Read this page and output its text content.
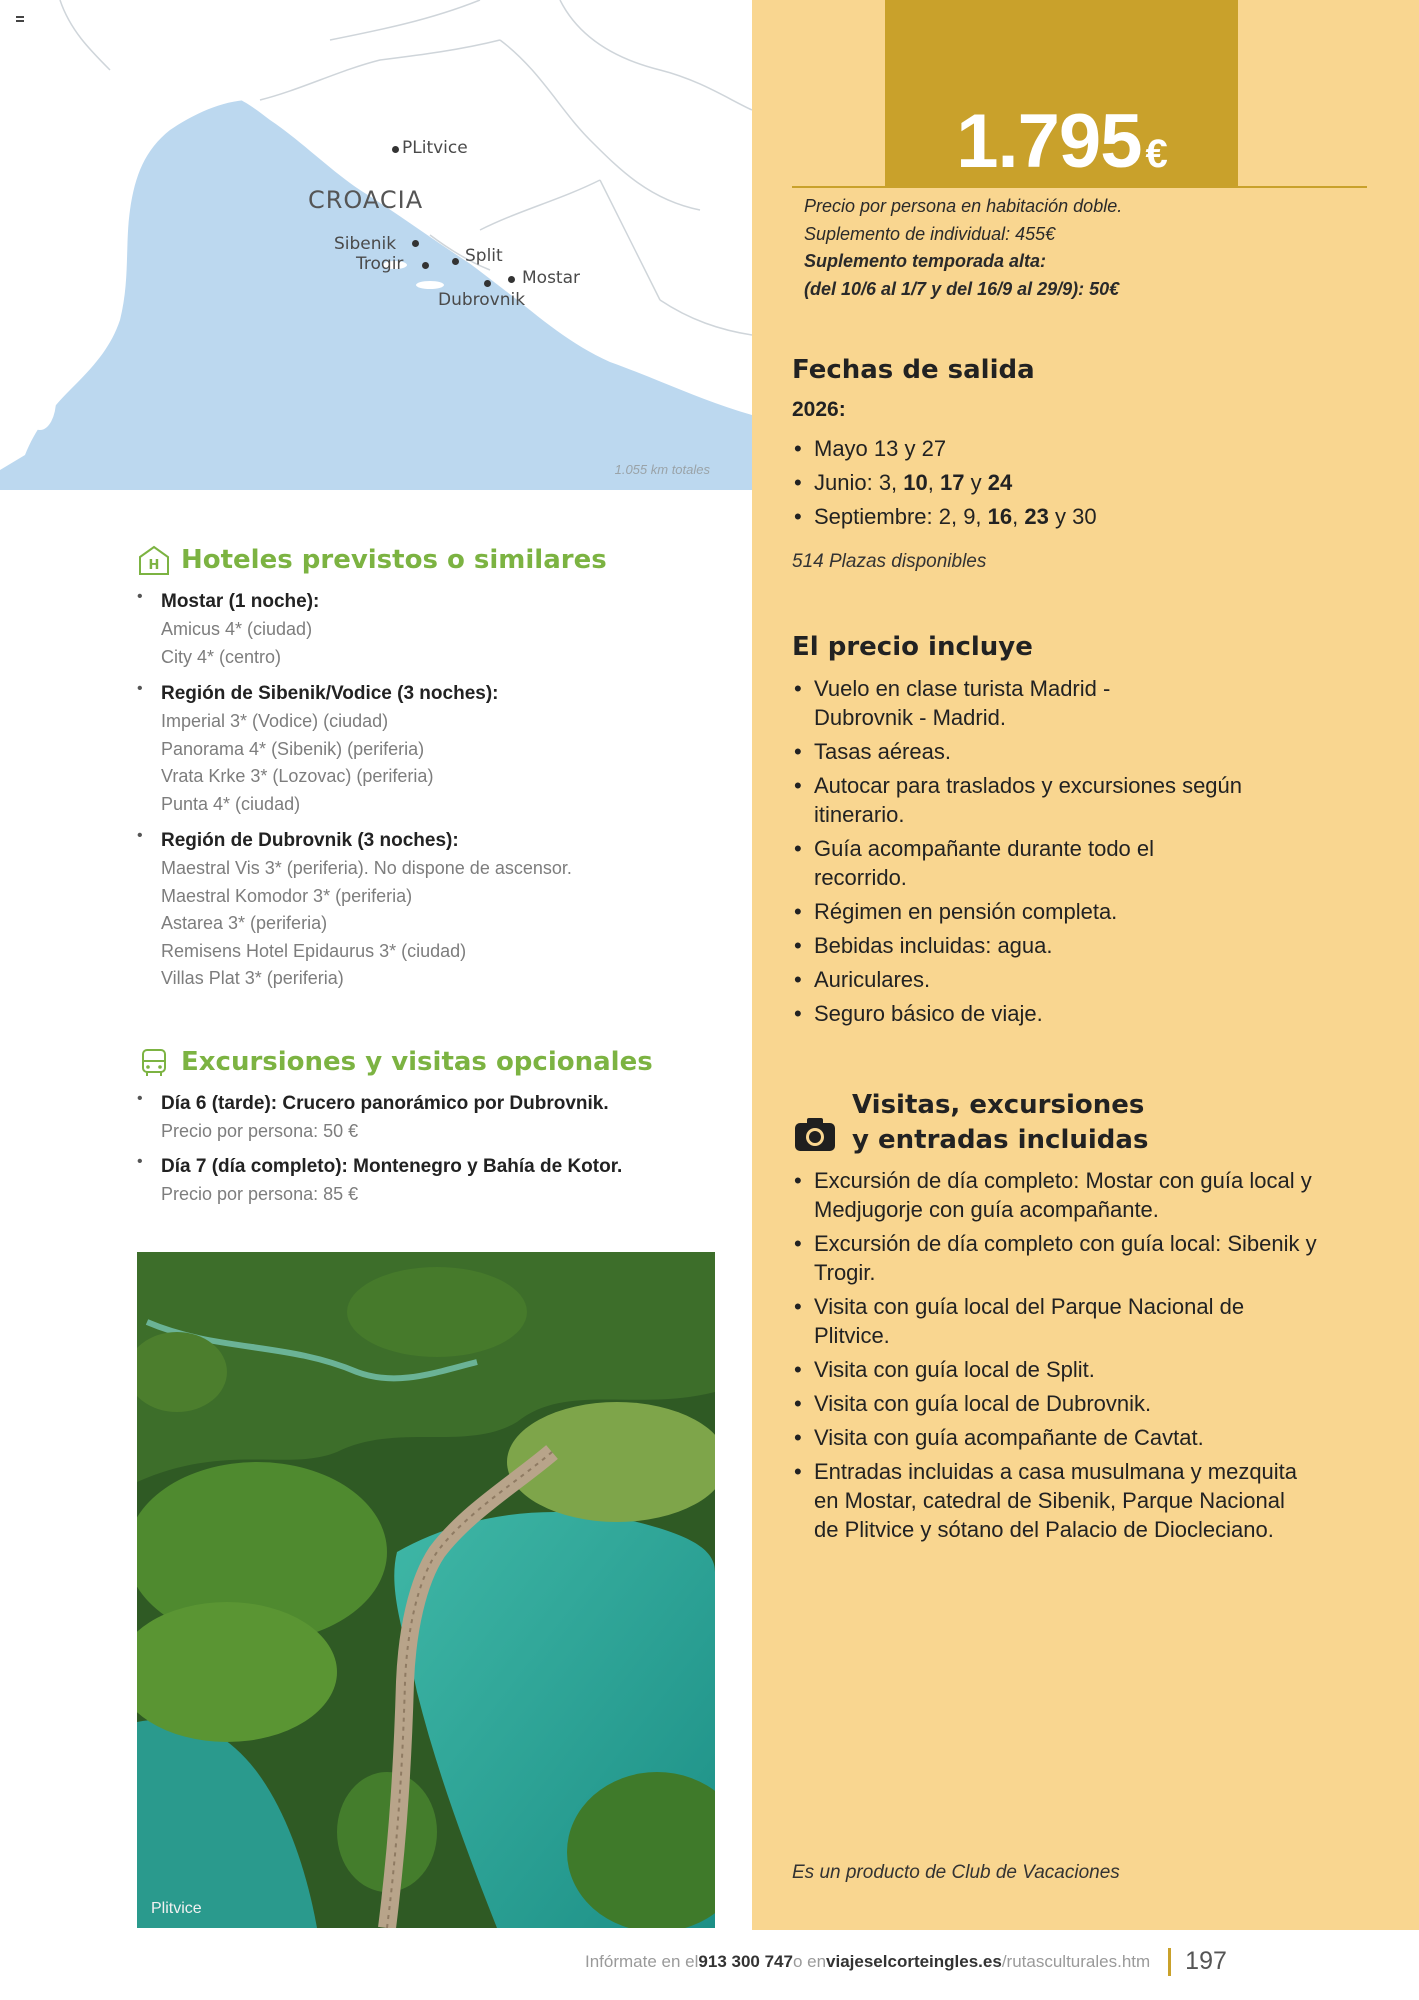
PLitvice
CROACIA
Sibenik
Trogir	Split
Mostar
Dubrovnik
1.055 km totales
H Hoteles previstos o similares
• Mostar (1 noche):
Amicus 4* (ciudad)
City 4* (centro)
• Región de Sibenik/Vodice (3 noches):
Imperial 3* (Vodice) (ciudad)
Panorama 4* (Sibenik) (periferia)
Vrata Krke 3* (Lozovac) (periferia)
Punta 4* (ciudad)
• Región de Dubrovnik (3 noches):
Maestral Vis 3* (periferia). No dispone de ascensor.
Maestral Komodor 3* (periferia)
Astarea 3* (periferia)
Remisens Hotel Epidaurus 3* (ciudad)
Villas Plat 3* (periferia)
Excursiones y visitas opcionales
• Día 6 (tarde): Crucero panorámico por Dubrovnik.
Precio por persona: 50 €
• Día 7 (día completo): Montenegro y Bahía de Kotor.
Precio por persona: 85 €
Plitvice
1.795 €
Precio por persona en habitación doble.
Suplemento de individual: 455€
Suplemento temporada alta:
(del 10/6 al 1/7 y del 16/9 al 29/9): 50€
Fechas de salida
2026:
• Mayo 13 y 27
• Junio: 3, 10, 17 y 24
• Septiembre: 2, 9, 16, 23 y 30
514 Plazas disponibles
El precio incluye
• Vuelo en clase turista Madrid - Dubrovnik - Madrid.
• Tasas aéreas.
• Autocar para traslados y excursiones según itinerario.
• Guía acompañante durante todo el recorrido.
• Régimen en pensión completa.
• Bebidas incluidas: agua.
• Auriculares.
• Seguro básico de viaje.
Visitas, excursiones
y entradas incluidas
• Excursión de día completo: Mostar con guía local y Medjugorje con guía acompañante.
• Excursión de día completo con guía local: Sibenik y Trogir.
• Visita con guía local del Parque Nacional de Plitvice.
• Visita con guía local de Split.
• Visita con guía local de Dubrovnik.
• Visita con guía acompañante de Cavtat.
• Entradas incluidas a casa musulmana y mezquita en Mostar, catedral de Sibenik, Parque Nacional de Plitvice y sótano del Palacio de Diocleciano.
Es un producto de Club de Vacaciones
Infórmate en el 913 300 747 o en viajeselcorteingles.es /rutasculturales.htm 197
